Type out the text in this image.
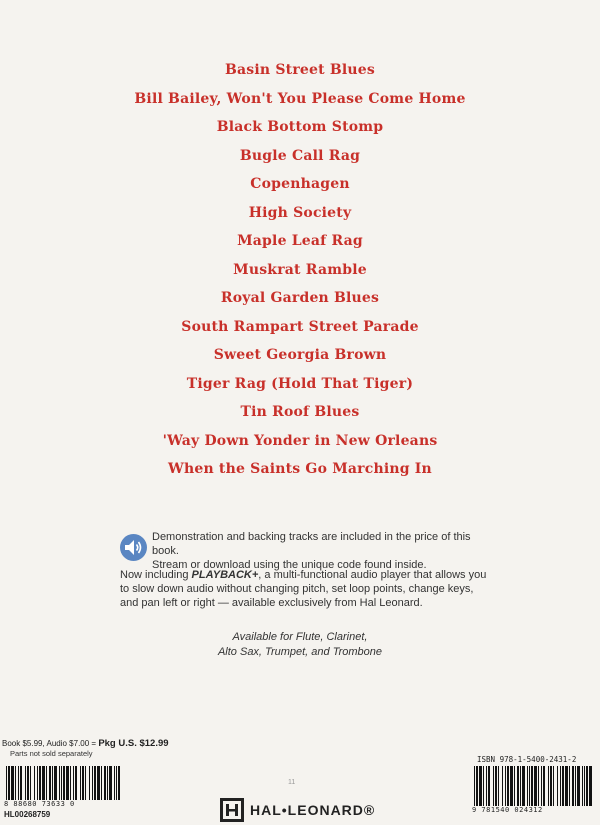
Basin Street Blues
Bill Bailey, Won't You Please Come Home
Black Bottom Stomp
Bugle Call Rag
Copenhagen
High Society
Maple Leaf Rag
Muskrat Ramble
Royal Garden Blues
South Rampart Street Parade
Sweet Georgia Brown
Tiger Rag (Hold That Tiger)
Tin Roof Blues
'Way Down Yonder in New Orleans
When the Saints Go Marching In

Demonstration and backing tracks are included in the price of this book.
Stream or download using the unique code found inside.

Now including PLAYBACK+, a multi-functional audio player that allows you to slow down audio without changing pitch, set loop points, change keys, and pan left or right — available exclusively from Hal Leonard.

Available for Flute, Clarinet,
Alto Sax, Trumpet, and Trombone
Book $5.99, Audio $7.00 = Pkg U.S. $12.99
Parts not sold separately
8 88680 73633 0
HL00268759
11
HAL•LEONARD®
ISBN 978-1-5400-2431-2
9 781540 024312
